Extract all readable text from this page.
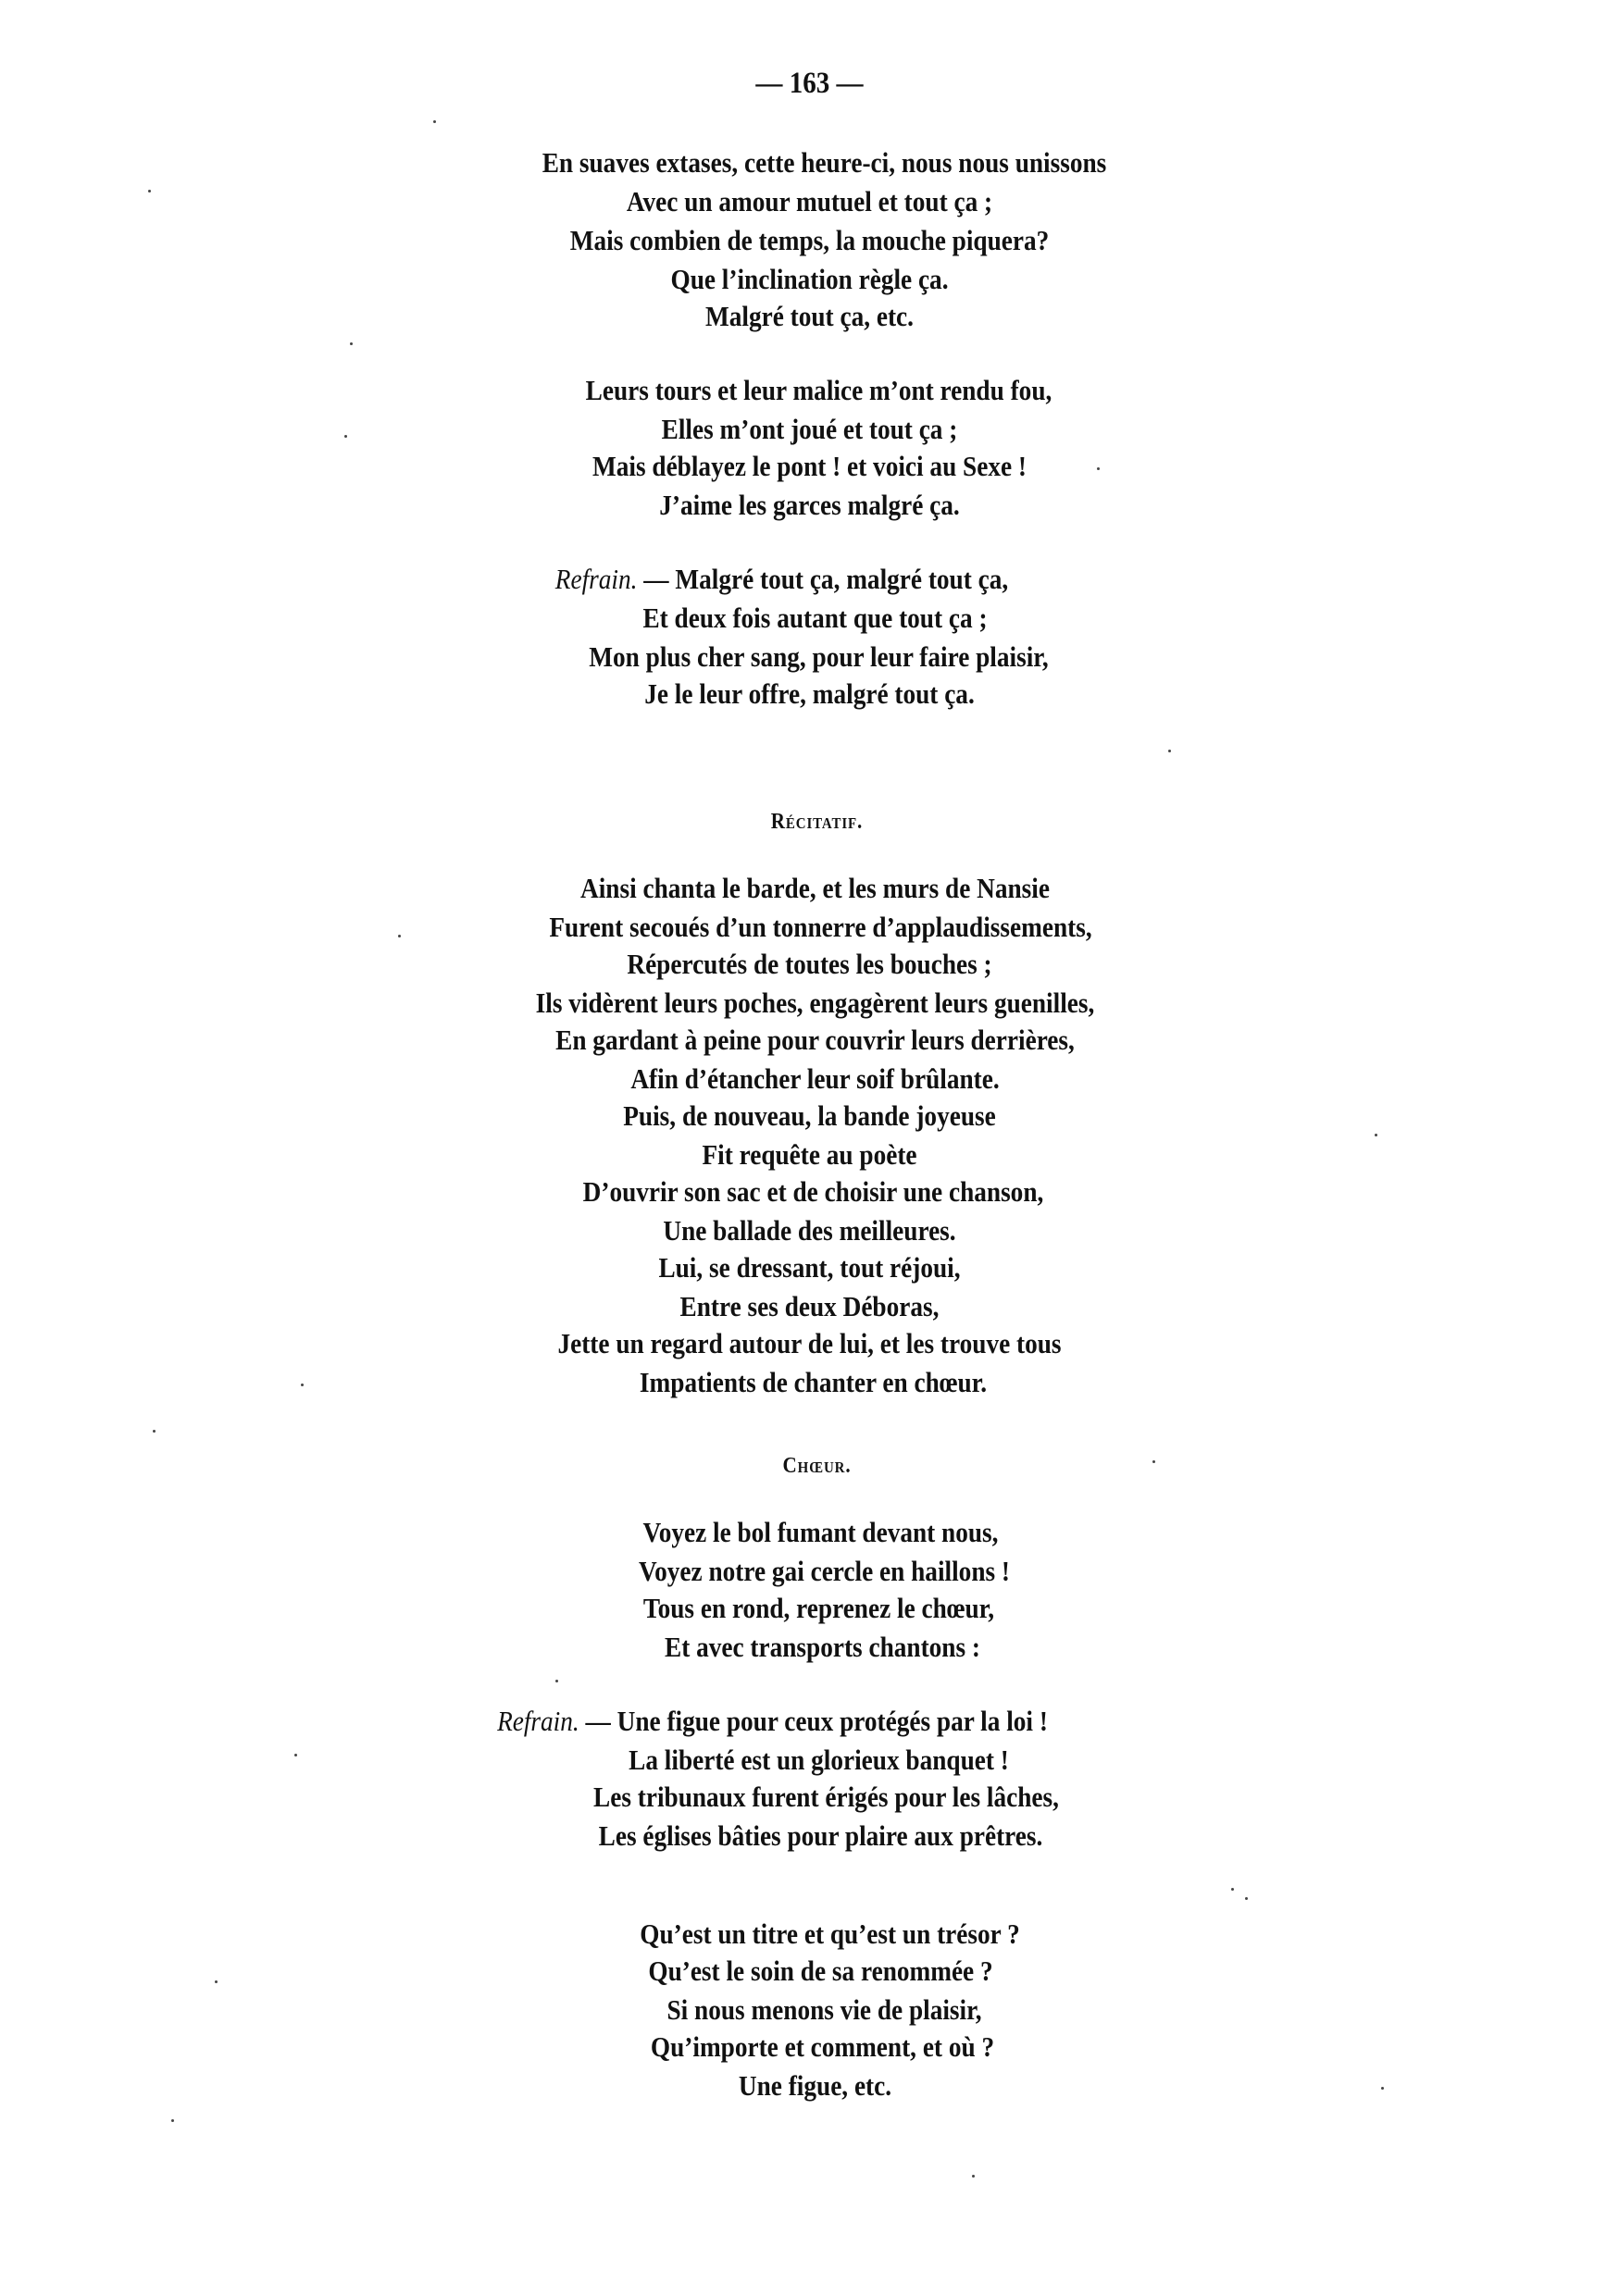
— 163 —
En suaves extases, cette heure-ci, nous nous unissons
Avec un amour mutuel et tout ça ;
Mais combien de temps, la mouche piquera?
Que l’inclination règle ça.
Malgré tout ça, etc.
Leurs tours et leur malice m’ont rendu fou,
Elles m’ont joué et tout ça ;
Mais déblayez le pont ! et voici au Sexe !
J’aime les garces malgré ça.
Refrain. — Malgré tout ça, malgré tout ça,
Et deux fois autant que tout ça ;
Mon plus cher sang, pour leur faire plaisir,
Je le leur offre, malgré tout ça.
Récitatif.
Ainsi chanta le barde, et les murs de Nansie
Furent secoués d’un tonnerre d’applaudissements,
Répercutés de toutes les bouches ;
Ils vidèrent leurs poches, engagèrent leurs guenilles,
En gardant à peine pour couvrir leurs derrières,
Afin d’étancher leur soif brûlante.
Puis, de nouveau, la bande joyeuse
Fit requête au poète
D’ouvrir son sac et de choisir une chanson,
Une ballade des meilleures.
Lui, se dressant, tout réjoui,
Entre ses deux Déboras,
Jette un regard autour de lui, et les trouve tous
Impatients de chanter en chœur.
Chœur.
Voyez le bol fumant devant nous,
Voyez notre gai cercle en haillons !
Tous en rond, reprenez le chœur,
Et avec transports chantons :
Refrain. — Une figue pour ceux protégés par la loi !
La liberté est un glorieux banquet !
Les tribunaux furent érigés pour les lâches,
Les églises bâties pour plaire aux prêtres.
Qu’est un titre et qu’est un trésor ?
Qu’est le soin de sa renommée ?
Si nous menons vie de plaisir,
Qu’importe et comment, et où ?
Une figue, etc.
